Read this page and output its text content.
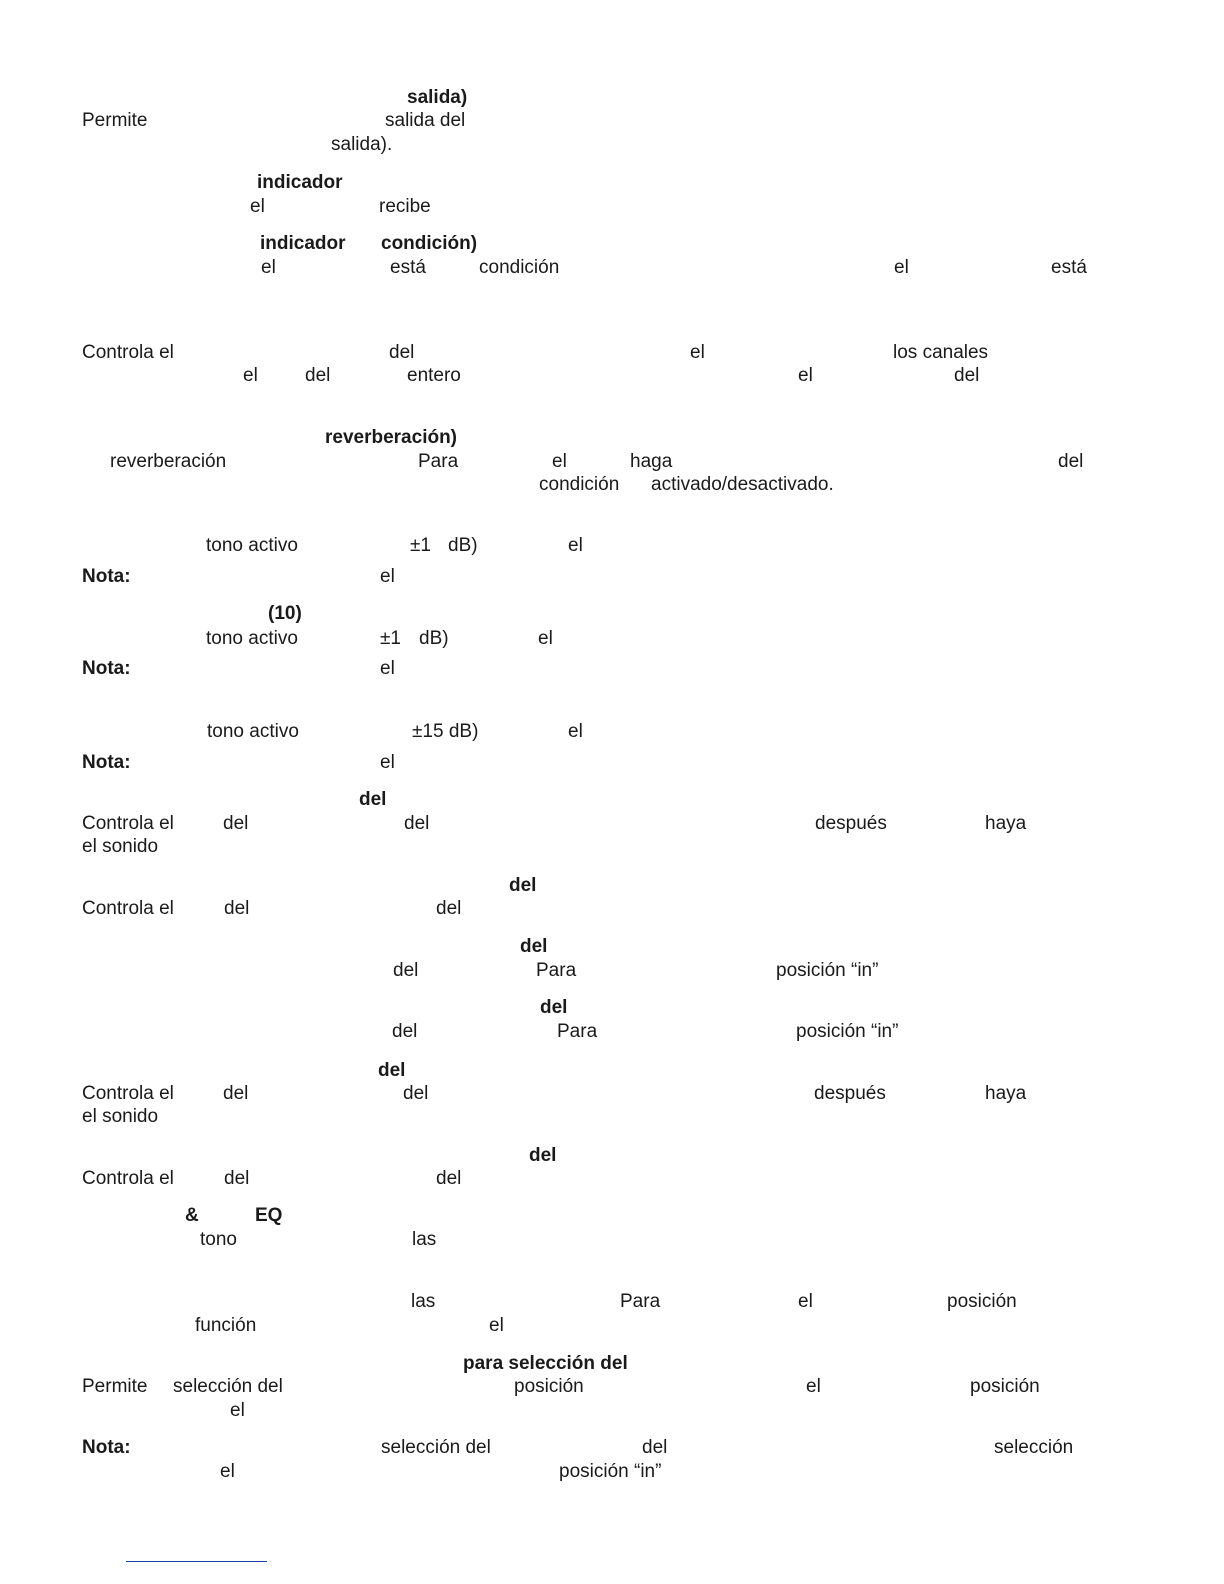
salida)
Permite	salida del
salida).
indicador
el	recibe
indicador condición)
el	está	condición	el	está
Controla el	del	el	los canales
el del	entero	el	del
reverberación)
reverberación	Para	el	haga	del
condición activado/desactivado.
tono activo	±1 dB)	el
Nota:	el
(10)
tono activo	±1 dB)	el
Nota:	el
tono activo	±15 dB)	el
Nota:	el
del
Controla el	del	del	después	haya
el sonido
del
Controla el	del	del
del
del	Para	posición “in”
del
del	Para	posición “in”
del
Controla el	del	del	después	haya
el sonido
del
Controla el	del	del
&	EQ
tono	las
las	Para	el	posición
función	el
para selección del
Permite selección del	posición	el	posición
el
Nota:	selección del	del	selección
el	posición “in”
